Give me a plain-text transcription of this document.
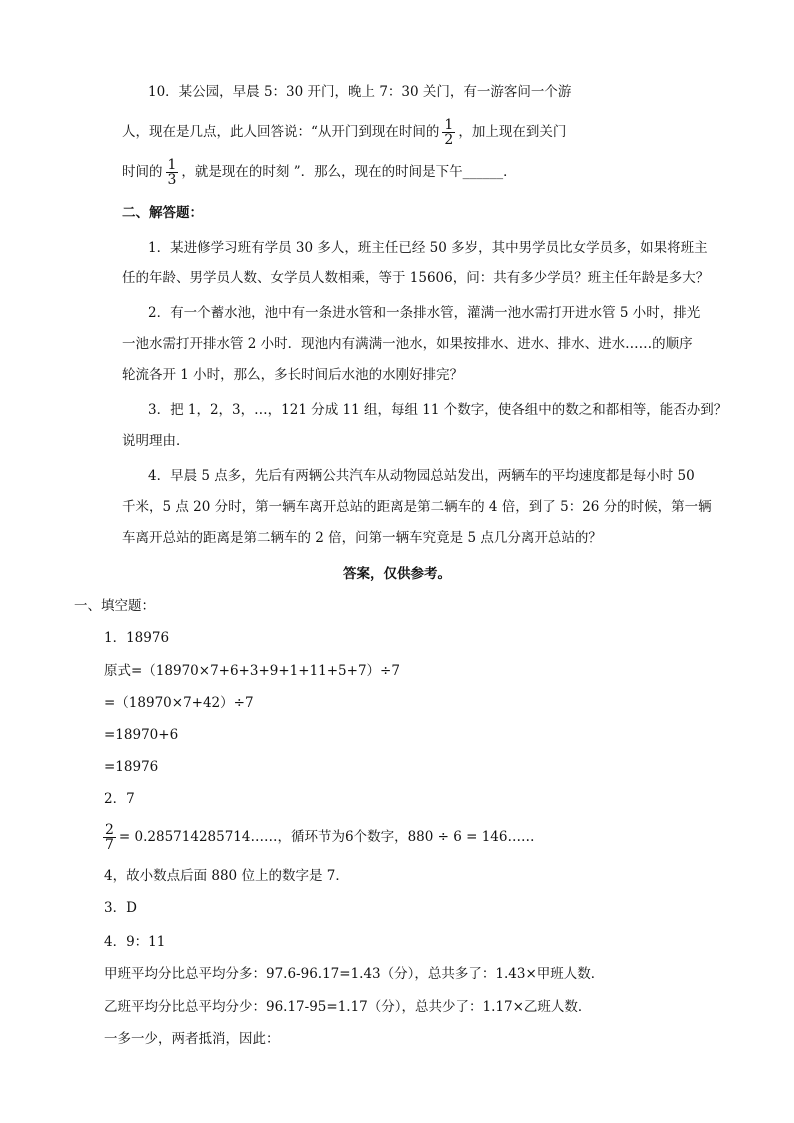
10．某公园，早晨 5：30 开门，晚上 7：30 关门，有一游客问一个游
人，现在是几点，此人回答说：“从开门到现在时间的 $\frac{1}{2}$ ，加上现在到关门
时间的 $\frac{1}{3}$ ，就是现在的时刻 ”．那么，现在的时间是下午______．
二、解答题：
1．某进修学习班有学员 30 多人，班主任已经 50 多岁，其中男学员比女学员多，如果将班主
任的年龄、男学员人数、女学员人数相乘，等于 15606，问：共有多少学员？班主任年龄是多大？
2．有一个蓄水池，池中有一条进水管和一条排水管，灌满一池水需打开进水管 5 小时，排光
一池水需打开排水管 2 小时．现池内有满满一池水，如果按排水、进水、排水、进水……的顺序
轮流各开 1 小时，那么，多长时间后水池的水刚好排完？
3．把 1，2，3，…，121 分成 11 组，每组 11 个数字，使各组中的数之和都相等，能否办到？
说明理由．
4．早晨 5 点多，先后有两辆公共汽车从动物园总站发出，两辆车的平均速度都是每小时 50
千米，5 点 20 分时，第一辆车离开总站的距离是第二辆车的 4 倍，到了 5：26 分的时候，第一辆
车离开总站的距离是第二辆车的 2 倍，问第一辆车究竟是 5 点几分离开总站的？
答案，仅供参考。
一、填空题：
1．18976
原式=（18970×7+6+3+9+1+11+5+7）÷7
=（18970×7+42）÷7
=18970+6
=18976
2．7
$\frac{2}{7}$ = 0.285714285714……，循环节为6个数字，880 ÷ 6 = 146……
4，故小数点后面 880 位上的数字是 7．
3．D
4．9：11
甲班平均分比总平均分多：97.6-96.17=1.43（分），总共多了：1.43×甲班人数．
乙班平均分比总平均分少：96.17-95=1.17（分），总共少了：1.17×乙班人数．
一多一少，两者抵消，因此：
